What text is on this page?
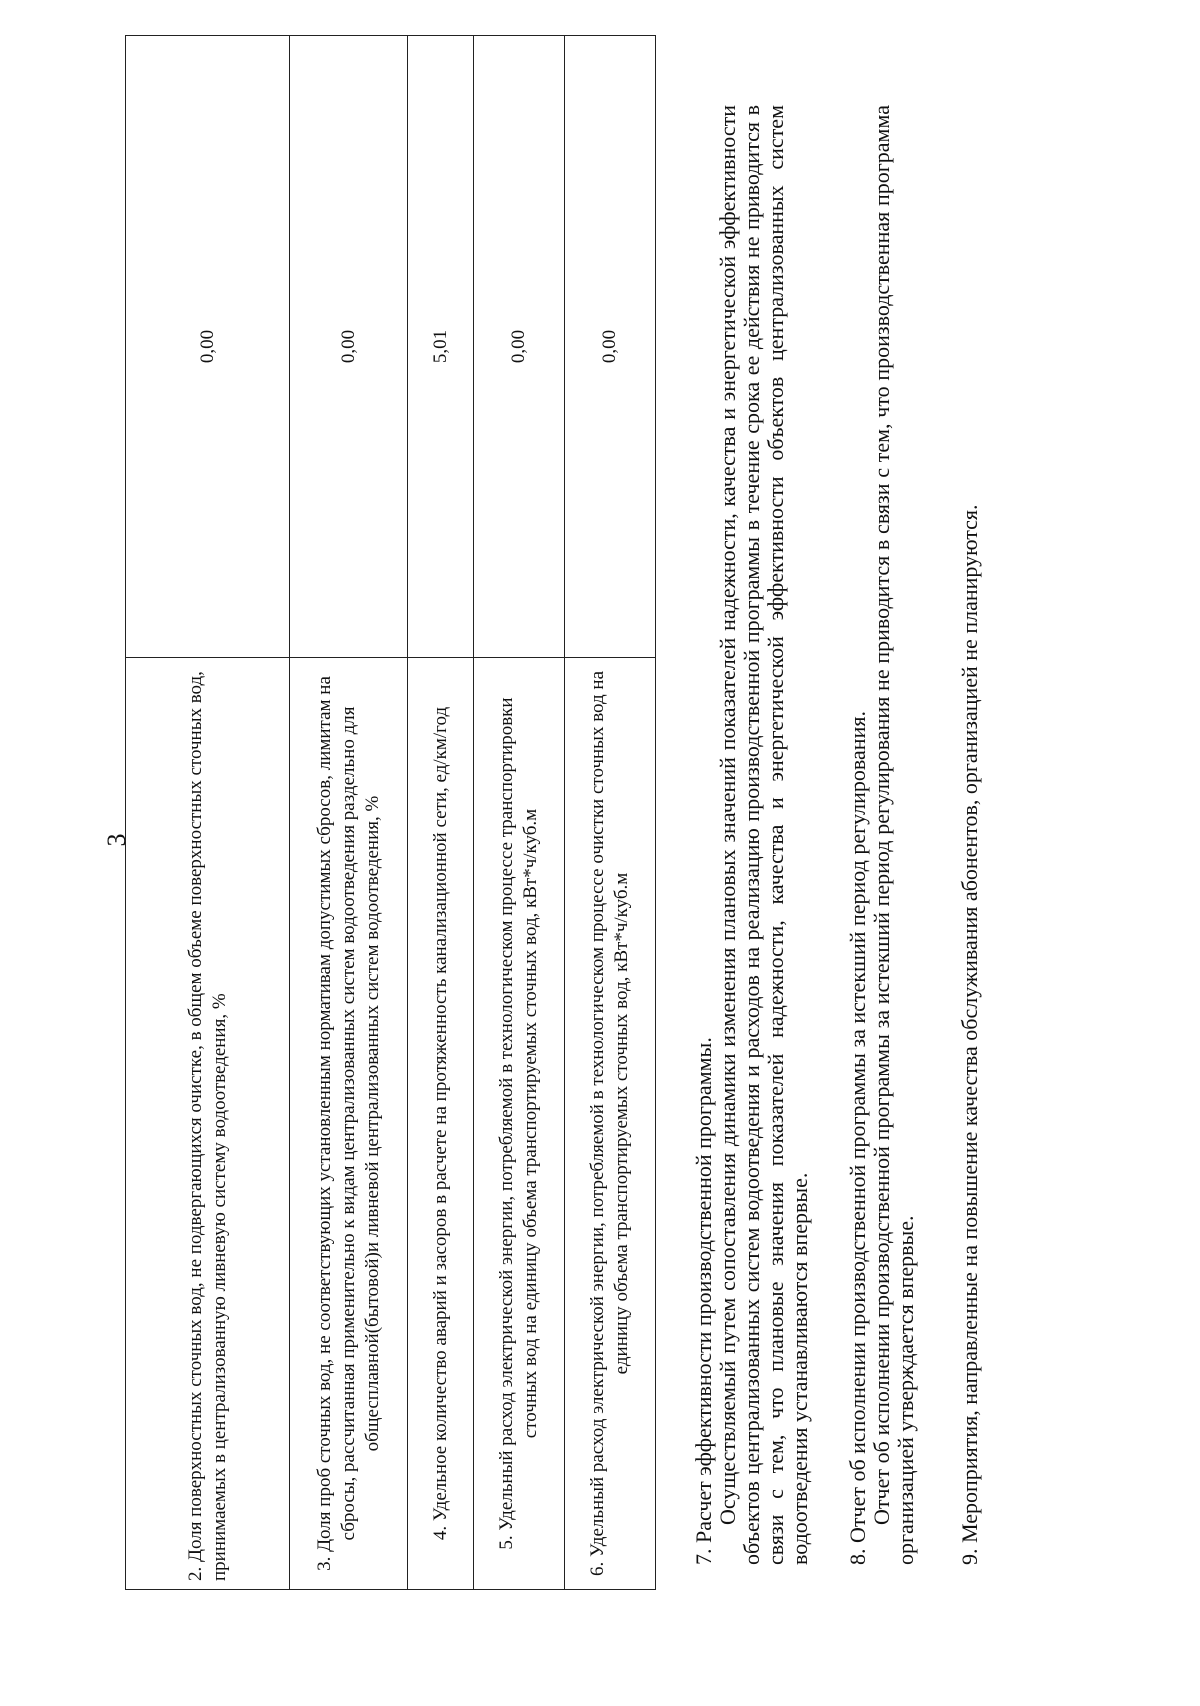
3	2. Доля поверхностных сточных вод, не подвергающихся очистке, в общем объеме поверхностных сточных вод, принимаемых в централизованную ливневую систему водоотведения, %	0,00
3. Доля проб сточных вод, не соответствующих установленным нормативам допустимых сбросов, лимитам на сбросы, рассчитанная применительно к видам централизованных систем водоотведения раздельно для общесплавной(бытовой)и ливневой централизованных систем водоотведения, %	0,00
4. Удельное количество аварий и засоров в расчете на протяженность канализационной сети, ед/км/год	5,01
5. Удельный расход электрической энергии, потребляемой в технологическом процессе транспортировки сточных вод на единицу объема транспортируемых сточных вод, кВт*ч/куб.м	0,00
6. Удельный расход электрической энергии, потребляемой в технологическом процессе очистки сточных вод на единицу объема транспортируемых сточных вод, кВт*ч/куб.м	0,00

7. Расчет эффективности производственной программы. Осуществляемый путем сопоставления динамики изменения плановых значений показателей надежности, качества и энергетической эффективности объектов централизованных систем водоотведения и расходов на реализацию производственной программы в течение срока ее действия не приводится в связи с тем, что плановые значения показателей надежности, качества и энергетической эффективности объектов централизованных систем водоотведения устанавливаются впервые. 8. Отчет об исполнении производственной программы за истекший период регулирования. Отчет об исполнении производственной программы за истекший период регулирования не приводится в связи с тем, что производственная программа организацией утверждается впервые. 9. Мероприятия, направленные на повышение качества обслуживания абонентов, организацией не планируются.
